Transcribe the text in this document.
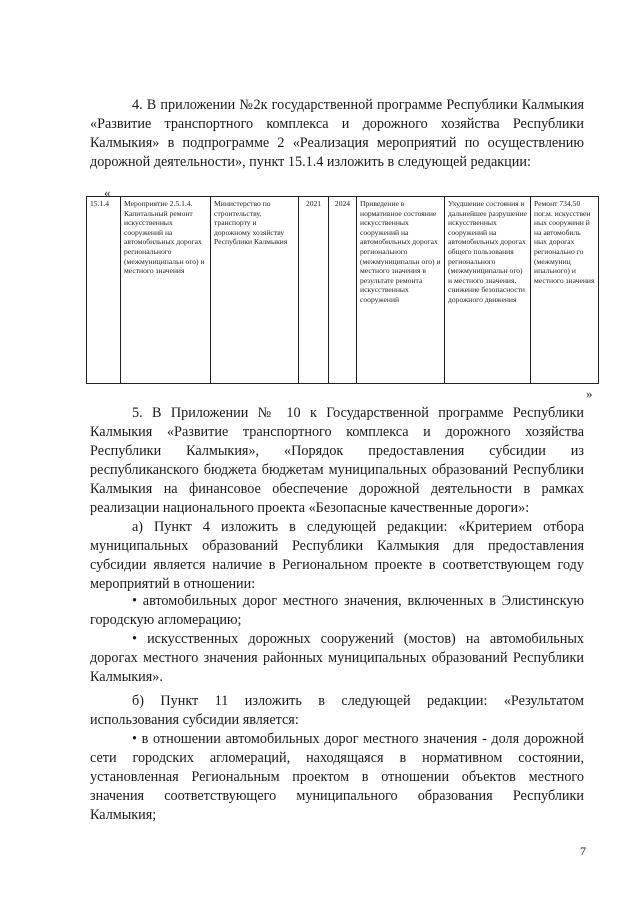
4. В приложении №2к государственной программе Республики Калмыкия «Развитие транспортного комплекса и дорожного хозяйства Республики Калмыкия» в подпрограмме 2 «Реализация мероприятий по осуществлению дорожной деятельности», пункт 15.1.4 изложить в следующей редакции:

«
15.1.4	Мероприятие 2.5.1.4. Капитальный ремонт искусственных сооружений на автомобильных дорогах регионального (межмуниципальн ого) и местного значения	Министерство по строительству, транспорту и дорожному хозяйству Республики Калмыкия	2021	2024	Приведение в нормативное состояние искусственных сооружений на автомобильных дорогах регионального (межмуниципальн ого) и местного значения в результате ремонта искусственных сооружений	Ухудшение состояния и дальнейшее разрушение искусственных сооружений на автомобильных дорогах общего пользования регионального (межмуниципальн ого) и местного значения, снижение безопасности дорожного движения	Ремонт 734,50 пог.м. искусствен ных сооружени й на автомобиль ных дорогах регионально го (межмуниц ипального) и местного значения
»

5. В Приложении № 10 к Государственной программе Республики Калмыкия «Развитие транспортного комплекса и дорожного хозяйства Республики Калмыкия», «Порядок предоставления субсидии из республиканского бюджета бюджетам муниципальных образований Республики Калмыкия на финансовое обеспечение дорожной деятельности в рамках реализации национального проекта «Безопасные качественные дороги»:

а) Пункт 4 изложить в следующей редакции: «Критерием отбора муниципальных образований Республики Калмыкия для предоставления субсидии является наличие в Региональном проекте в соответствующем году мероприятий в отношении:

• автомобильных дорог местного значения, включенных в Элистинскую городскую агломерацию;

• искусственных дорожных сооружений (мостов) на автомобильных дорогах местного значения районных муниципальных образований Республики Калмыкия».

б) Пункт 11 изложить в следующей редакции: «Результатом использования субсидии является:

• в отношении автомобильных дорог местного значения - доля дорожной сети городских агломераций, находящаяся в нормативном состоянии, установленная Региональным проектом в отношении объектов местного значения соответствующего муниципального образования Республики Калмыкия;

7
